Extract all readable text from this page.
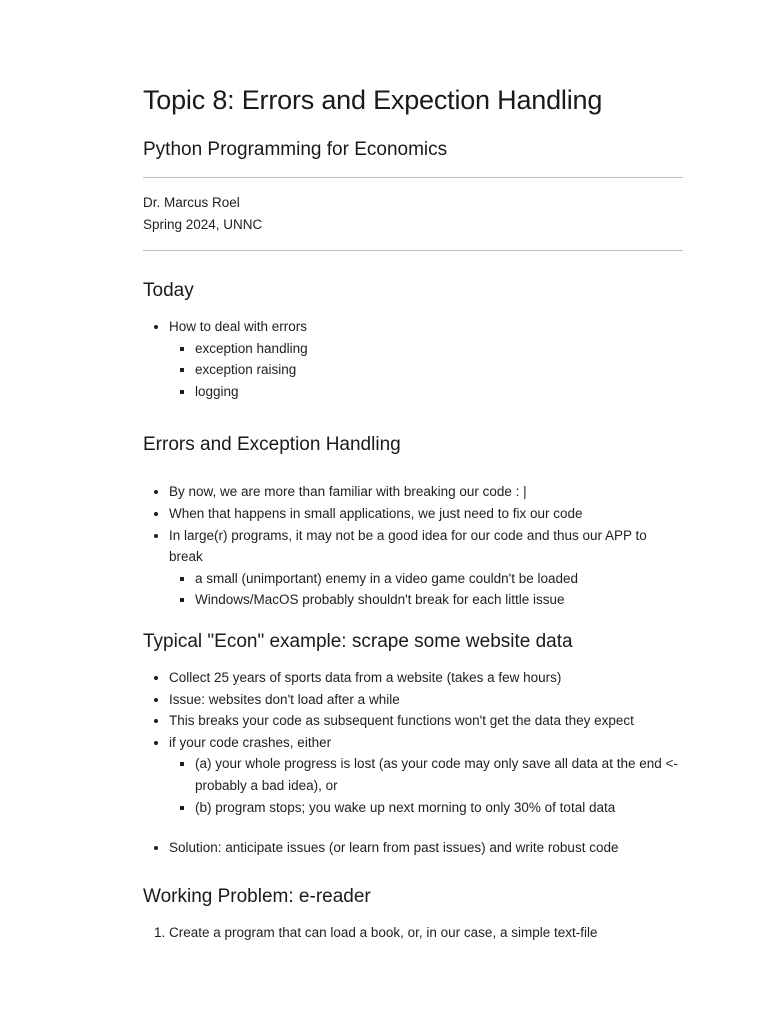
Topic 8: Errors and Expection Handling
Python Programming for Economics
Dr. Marcus Roel
Spring 2024, UNNC
Today
• How to deal with errors
▪ exception handling
▪ exception raising
▪ logging
Errors and Exception Handling
• By now, we are more than familiar with breaking our code : |
• When that happens in small applications, we just need to fix our code
• In large(r) programs, it may not be a good idea for our code and thus our APP to break
▪ a small (unimportant) enemy in a video game couldn't be loaded
▪ Windows/MacOS probably shouldn't break for each little issue
Typical "Econ" example: scrape some website data
• Collect 25 years of sports data from a website (takes a few hours)
• Issue: websites don't load after a while
• This breaks your code as subsequent functions won't get the data they expect
• if your code crashes, either
▪ (a) your whole progress is lost (as your code may only save all data at the end <- probably a bad idea), or
▪ (b) program stops; you wake up next morning to only 30% of total data
• Solution: anticipate issues (or learn from past issues) and write robust code
Working Problem: e-reader
1. Create a program that can load a book, or, in our case, a simple text-file
